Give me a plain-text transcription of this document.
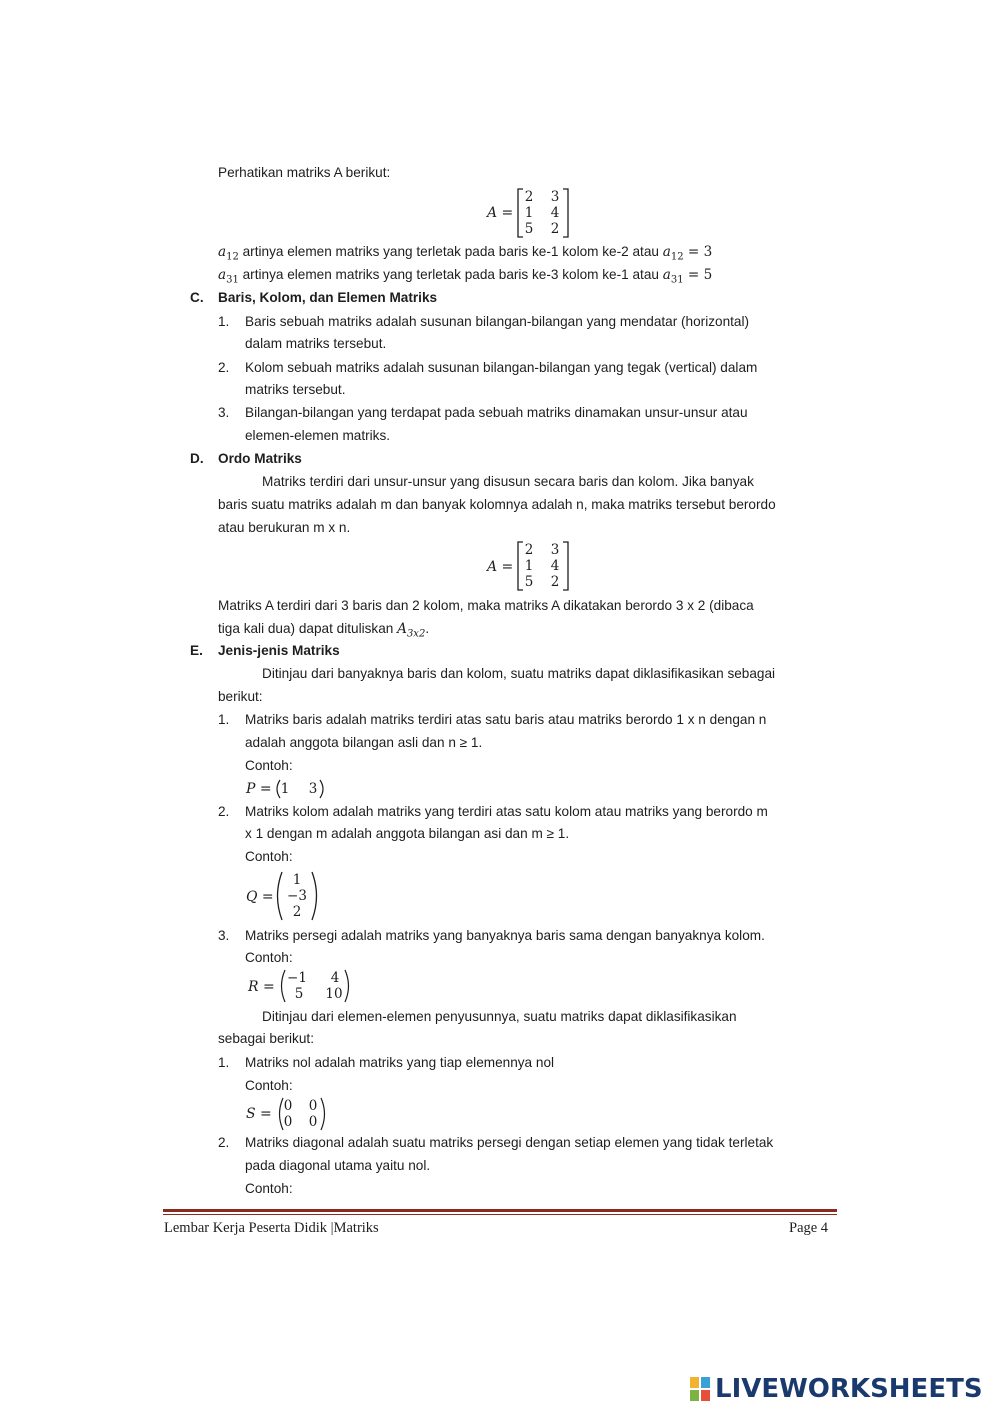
Perhatikan matriks A berikut:
A =
2 3
1 4
5 2
$a_{12}$ artinya elemen matriks yang terletak pada baris ke-1 kolom ke-2 atau $a_{12} = 3$
$a_{31}$ artinya elemen matriks yang terletak pada baris ke-3 kolom ke-1 atau $a_{31} = 5$
C. Baris, Kolom, dan Elemen Matriks
1. Baris sebuah matriks adalah susunan bilangan-bilangan yang mendatar (horizontal)
dalam matriks tersebut.
2. Kolom sebuah matriks adalah susunan bilangan-bilangan yang tegak (vertical) dalam
matriks tersebut.
3. Bilangan-bilangan yang terdapat pada sebuah matriks dinamakan unsur-unsur atau
elemen-elemen matriks.
D. Ordo Matriks
Matriks terdiri dari unsur-unsur yang disusun secara baris dan kolom. Jika banyak
baris suatu matriks adalah m dan banyak kolomnya adalah n, maka matriks tersebut berordo
atau berukuran m x n.
A =
2 3
1 4
5 2
Matriks A terdiri dari 3 baris dan 2 kolom, maka matriks A dikatakan berordo 3 x 2 (dibaca
tiga kali dua) dapat dituliskan $A_{3x2}$.
E. Jenis-jenis Matriks
Ditinjau dari banyaknya baris dan kolom, suatu matriks dapat diklasifikasikan sebagai
berikut:
1. Matriks baris adalah matriks terdiri atas satu baris atau matriks berordo 1 x n dengan n
adalah anggota bilangan asli dan n ≥ 1.
Contoh:
P = 1 3
2. Matriks kolom adalah matriks yang terdiri atas satu kolom atau matriks yang berordo m
x 1 dengan m adalah anggota bilangan asi dan m ≥ 1.
Contoh:
Q =
1
−3
2
3. Matriks persegi adalah matriks yang banyaknya baris sama dengan banyaknya kolom.
Contoh:
R =
−1	4
5	10
Ditinjau dari elemen-elemen penyusunnya, suatu matriks dapat diklasifikasikan
sebagai berikut:
1. Matriks nol adalah matriks yang tiap elemennya nol
Contoh:
S = 0 0
0 0
2. Matriks diagonal adalah suatu matriks persegi dengan setiap elemen yang tidak terletak
pada diagonal utama yaitu nol.
Contoh:
Lembar Kerja Peserta Didik |Matriks	Page 4
LIVEWORKSHEETS
